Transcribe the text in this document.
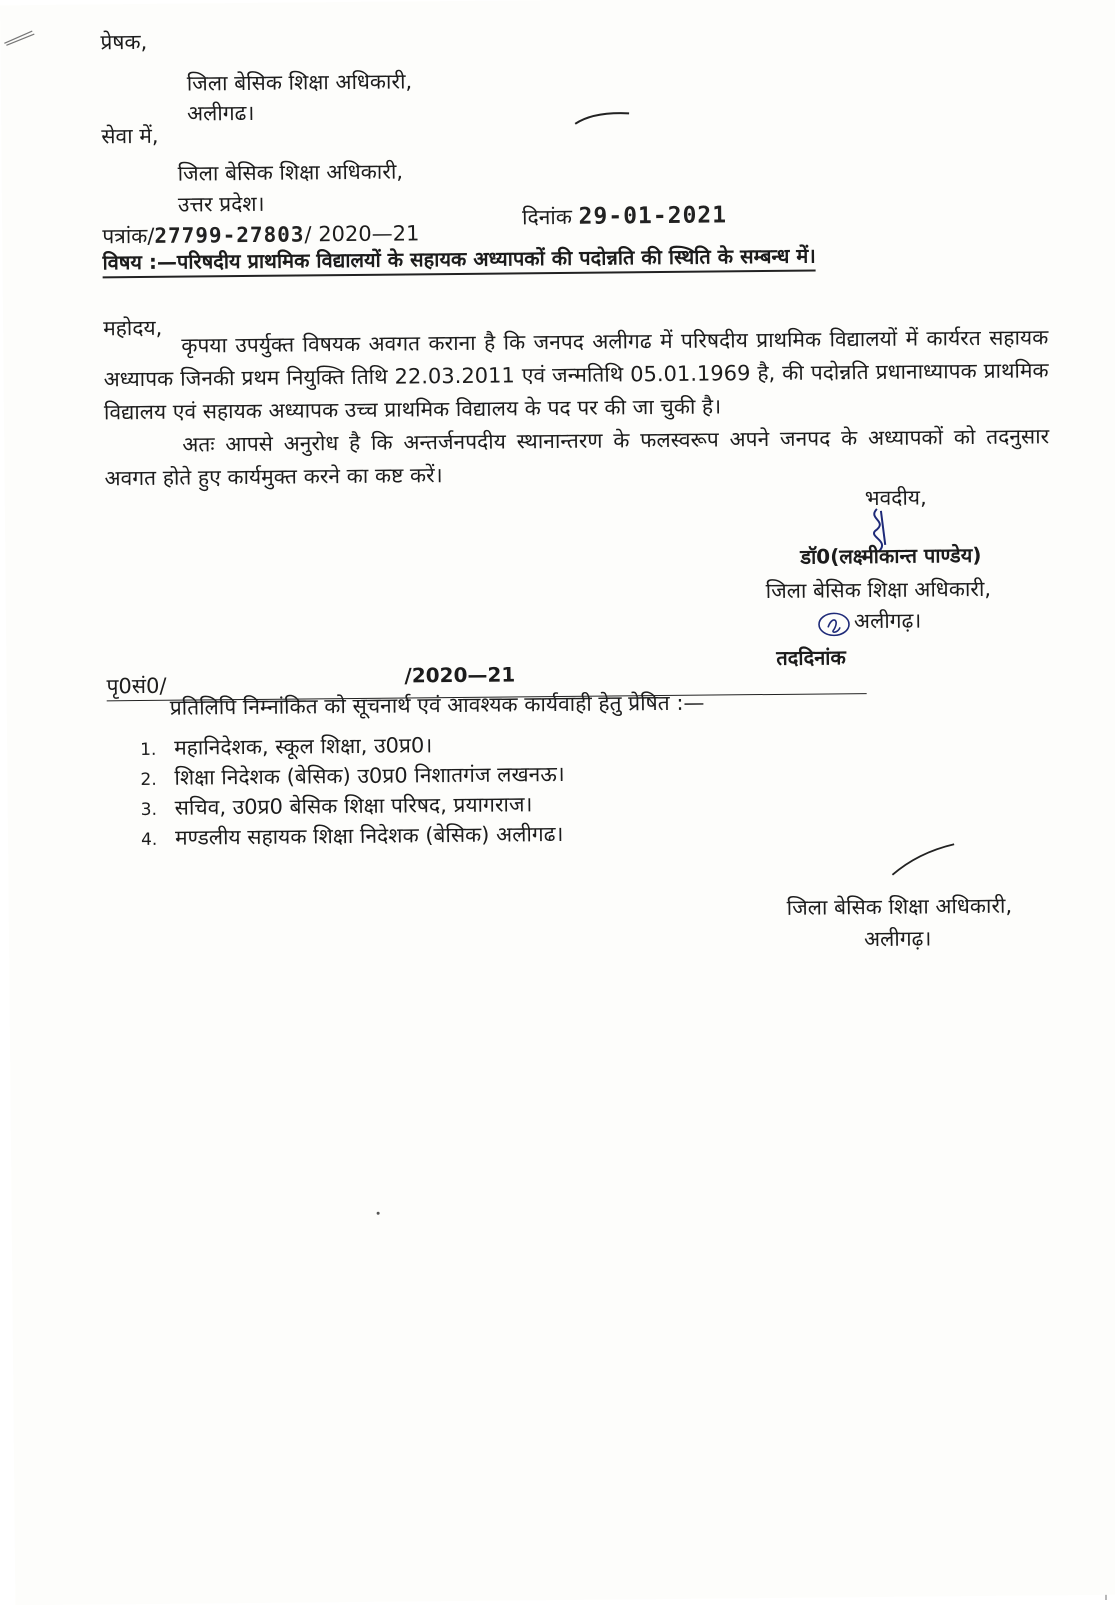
प्रेषक,
जिला बेसिक शिक्षा अधिकारी,
अलीगढ।
सेवा में,
जिला बेसिक शिक्षा अधिकारी,
उत्तर प्रदेश।
पत्रांक/27799-27803/ 2020—21
दिनांक 29-01-2021
विषय :—परिषदीय प्राथमिक विद्यालयों के सहायक अध्यापकों की पदोन्नति की स्थिति के सम्बन्ध में।
महोदय, कृपया उपर्युक्त विषयक अवगत कराना है कि जनपद अलीगढ में परिषदीय प्राथमिक विद्यालयों में कार्यरत सहायक अध्यापक जिनकी प्रथम नियुक्ति तिथि 22.03.2011 एवं जन्मतिथि 05.01.1969 है, की पदोन्नति प्रधानाध्यापक प्राथमिक विद्यालय एवं सहायक अध्यापक उच्च प्राथमिक विद्यालय के पद पर की जा चुकी है।

अतः आपसे अनुरोध है कि अन्तर्जनपदीय स्थानान्तरण के फलस्वरूप अपने जनपद के अध्यापकों को तदनुसार अवगत होते हुए कार्यमुक्त करने का कष्ट करें।

भवदीय,
डॉ0(लक्ष्मीकान्त पाण्डेय)
जिला बेसिक शिक्षा अधिकारी,
अलीगढ़।
तददिनांक
पृ0सं0/	/2020—21
प्रतिलिपि निम्नांकित को सूचनार्थ एवं आवश्यक कार्यवाही हेतु प्रेषित :—
1. महानिदेशक, स्कूल शिक्षा, उ0प्र0।
2. शिक्षा निदेशक (बेसिक) उ0प्र0 निशातगंज लखनऊ।
3. सचिव, उ0प्र0 बेसिक शिक्षा परिषद, प्रयागराज।
4. मण्डलीय सहायक शिक्षा निदेशक (बेसिक) अलीगढ।
जिला बेसिक शिक्षा अधिकारी,
अलीगढ़।
